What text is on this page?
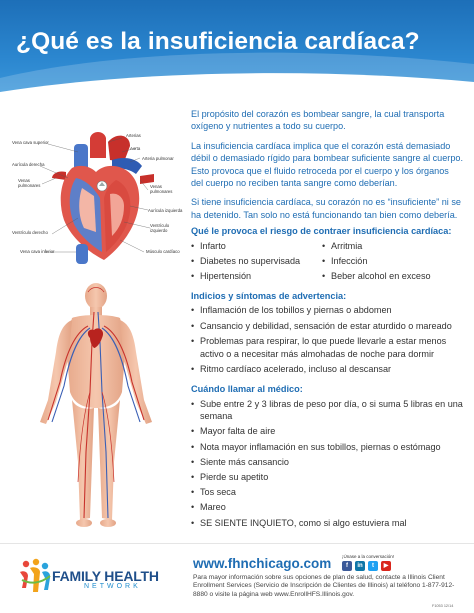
¿Qué es la insuficiencia cardíaca?

El propósito del corazón es bombear sangre, la cual transporta oxígeno y nutrientes a todo su cuerpo.

La insuficiencia cardíaca implica que el corazón está demasiado débil o demasiado rígido para bombear suficiente sangre al cuerpo. Esto provoca que el fluido retroceda por el cuerpo y los órganos del cuerpo no reciben tanta sangre como deberían.

Si tiene insuficiencia cardíaca, su corazón no es “insuficiente” ni se ha detenido. Tan solo no está funcionando tan bien como debería.

Arterias
Vena cava superior
Aorta
Arteria pulmonar
Aurícula derecha
Venas pulmonares	Venas pulmonares
Aurícula izquierda
Ventrículo izquierdo
Ventrículo derecho
Vena cava inferior	Músculo cardíaco
Qué le provoca el riesgo de contraer insuficiencia cardíaca:
• Infarto	• Arritmia
• Diabetes no supervisada	• Infección
• Hipertensión	• Beber alcohol en exceso
Indicios y síntomas de advertencia:
• Inflamación de los tobillos y piernas o abdomen
• Cansancio y debilidad, sensación de estar aturdido o mareado
• Problemas para respirar, lo que puede llevarle a estar menos activo o a necesitar más almohadas de noche para dormir
• Ritmo cardíaco acelerado, incluso al descansar
Cuándo llamar al médico:
• Sube entre 2 y 3 libras de peso por día, o si suma 5 libras en una semana
• Mayor falta de aire
• Nota mayor inflamación en sus tobillos, piernas o estómago
• Siente más cansancio
• Pierde su apetito
• Tos seca
• Mareo
• SE SIENTE INQUIETO, como si algo estuviera mal
FAMILY HEALTH
NETWORK
www.fhnchicago.com ¡Únase a la conversación!
f	in	t	▶
Para mayor información sobre sus opciones de plan de salud, contacte a Illinois Client Enrollment Services (Servicio de Inscripción de Clientes de Illinois) al teléfono 1-877-912-8880 o visite la página web www.EnrollHFS.Illinois.gov.
F1053 12/14
